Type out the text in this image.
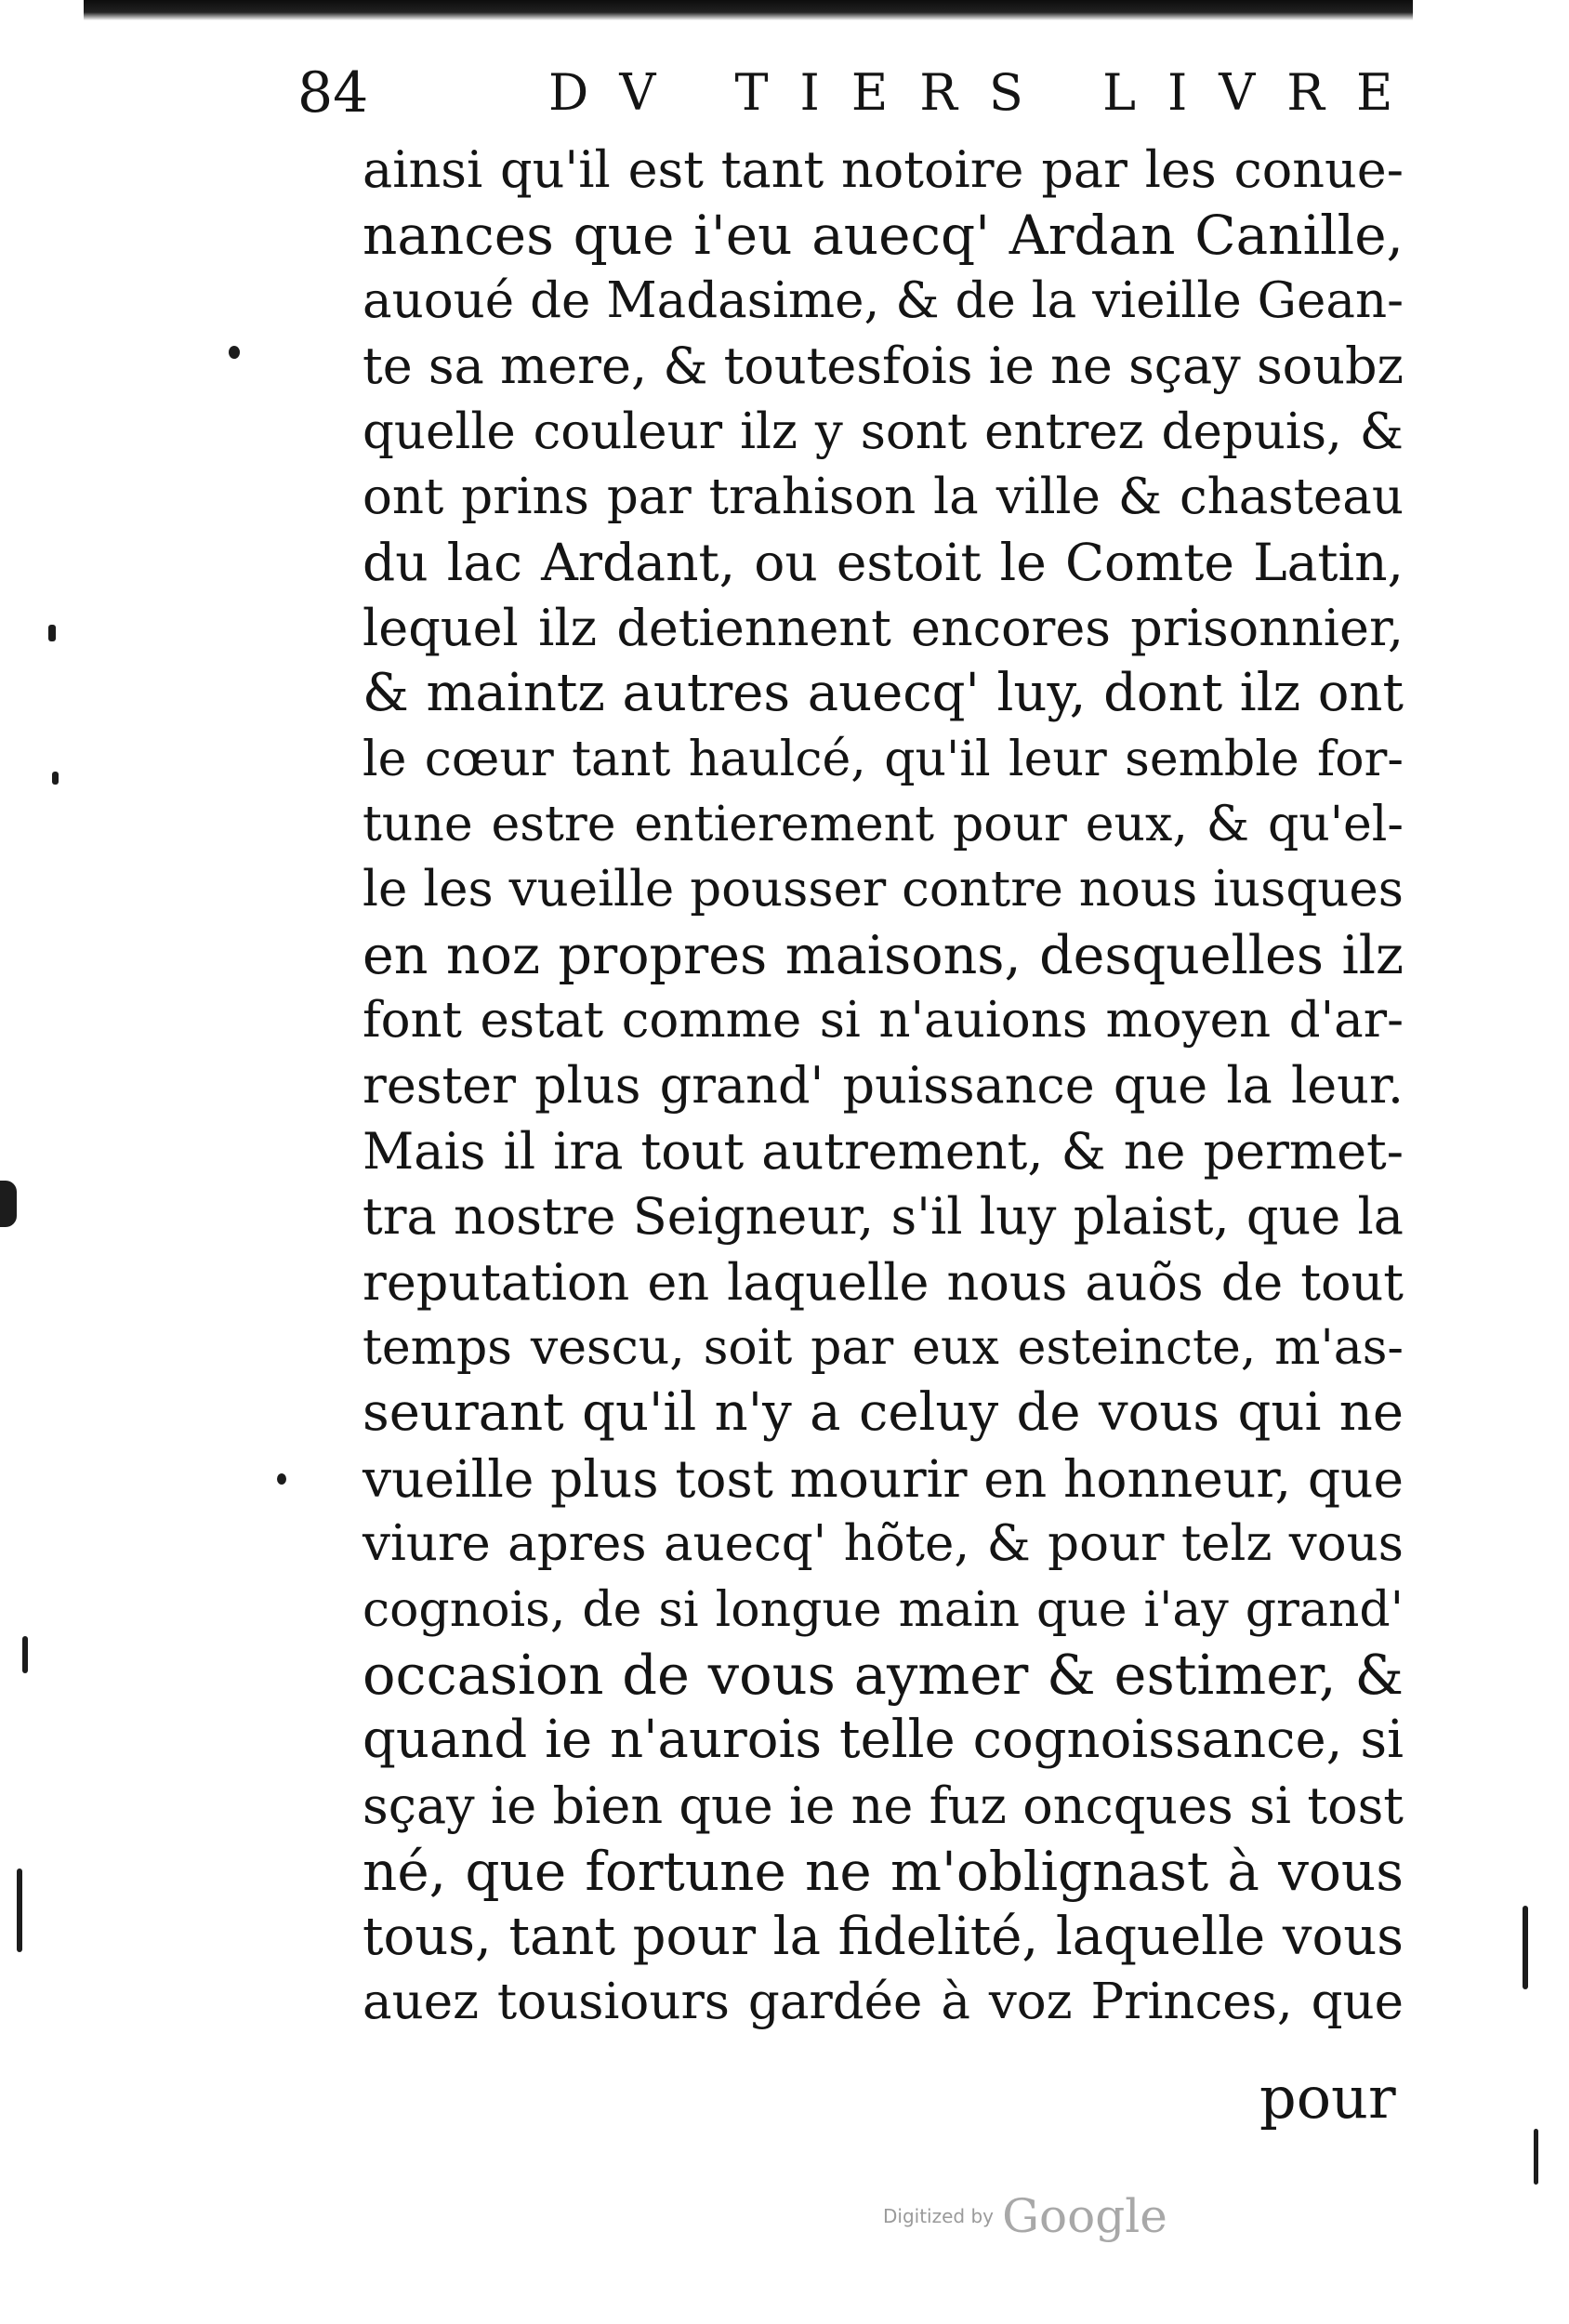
84	DV TIERS LIVRE
ainsi qu'il est tant notoire par les conue-
nances que i'eu auecq' Ardan Canille,
auoué de Madasime, & de la vieille Gean-
te sa mere, & toutesfois ie ne sçay soubz
quelle couleur ilz y sont entrez depuis, &
ont prins par trahison la ville & chasteau
du lac Ardant, ou estoit le Comte Latin,
lequel ilz detiennent encores prisonnier,
& maintz autres auecq' luy, dont ilz ont
le cœur tant haulcé, qu'il leur semble for-
tune estre entierement pour eux, & qu'el-
le les vueille pousser contre nous iusques
en noz propres maisons, desquelles ilz
font estat comme si n'auions moyen d'ar-
rester plus grand' puissance que la leur.
Mais il ira tout autrement, & ne permet-
tra nostre Seigneur, s'il luy plaist, que la
reputation en laquelle nous auõs de tout
temps vescu, soit par eux esteincte, m'as-
seurant qu'il n'y a celuy de vous qui ne
vueille plus tost mourir en honneur, que
viure apres auecq' hõte, & pour telz vous
cognois, de si longue main que i'ay grand'
occasion de vous aymer & estimer, &
quand ie n'aurois telle cognoissance, si
sçay ie bien que ie ne fuz oncques si tost
né, que fortune ne m'oblignast à vous
tous, tant pour la fidelité, laquelle vous
auez tousiours gardée à voz Princes, que
pour
Digitized by Google
